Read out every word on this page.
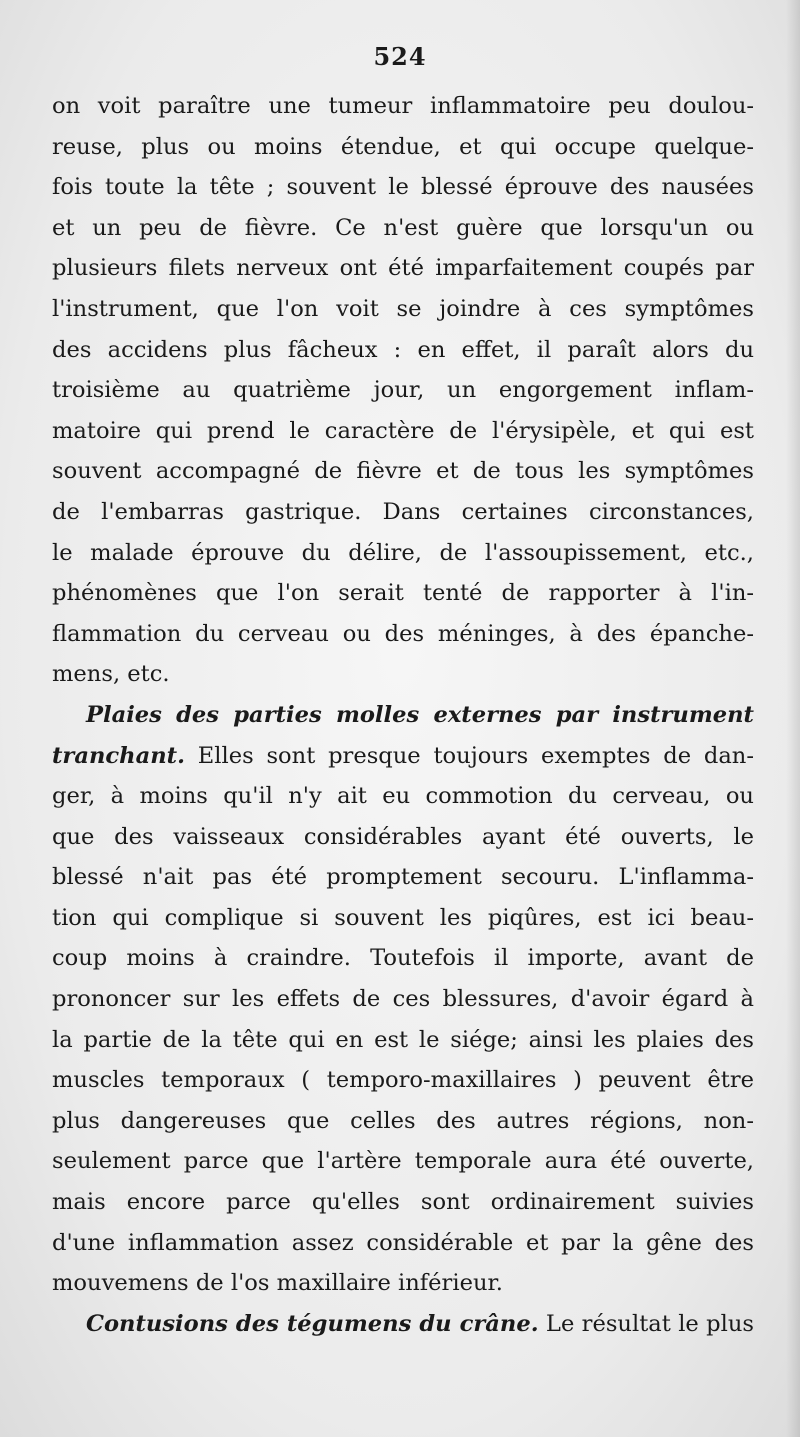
524
on voit paraître une tumeur inflammatoire peu doulou-
reuse, plus ou moins étendue, et qui occupe quelque-
fois toute la tête ; souvent le blessé éprouve des nausées
et un peu de fièvre. Ce n'est guère que lorsqu'un ou
plusieurs filets nerveux ont été imparfaitement coupés par
l'instrument, que l'on voit se joindre à ces symptômes
des accidens plus fâcheux : en effet, il paraît alors du
troisième au quatrième jour, un engorgement inflam-
matoire qui prend le caractère de l'érysipèle, et qui est
souvent accompagné de fièvre et de tous les symptômes
de l'embarras gastrique. Dans certaines circonstances,
le malade éprouve du délire, de l'assoupissement, etc.,
phénomènes que l'on serait tenté de rapporter à l'in-
flammation du cerveau ou des méninges, à des épanche-
mens, etc.
Plaies des parties molles externes par instrument
tranchant. Elles sont presque toujours exemptes de dan-
ger, à moins qu'il n'y ait eu commotion du cerveau, ou
que des vaisseaux considérables ayant été ouverts, le
blessé n'ait pas été promptement secouru. L'inflamma-
tion qui complique si souvent les piqûres, est ici beau-
coup moins à craindre. Toutefois il importe, avant de
prononcer sur les effets de ces blessures, d'avoir égard à
la partie de la tête qui en est le siége; ainsi les plaies des
muscles temporaux ( temporo-maxillaires ) peuvent être
plus dangereuses que celles des autres régions, non-
seulement parce que l'artère temporale aura été ouverte,
mais encore parce qu'elles sont ordinairement suivies
d'une inflammation assez considérable et par la gêne des
mouvemens de l'os maxillaire inférieur.
Contusions des tégumens du crâne. Le résultat le plus
